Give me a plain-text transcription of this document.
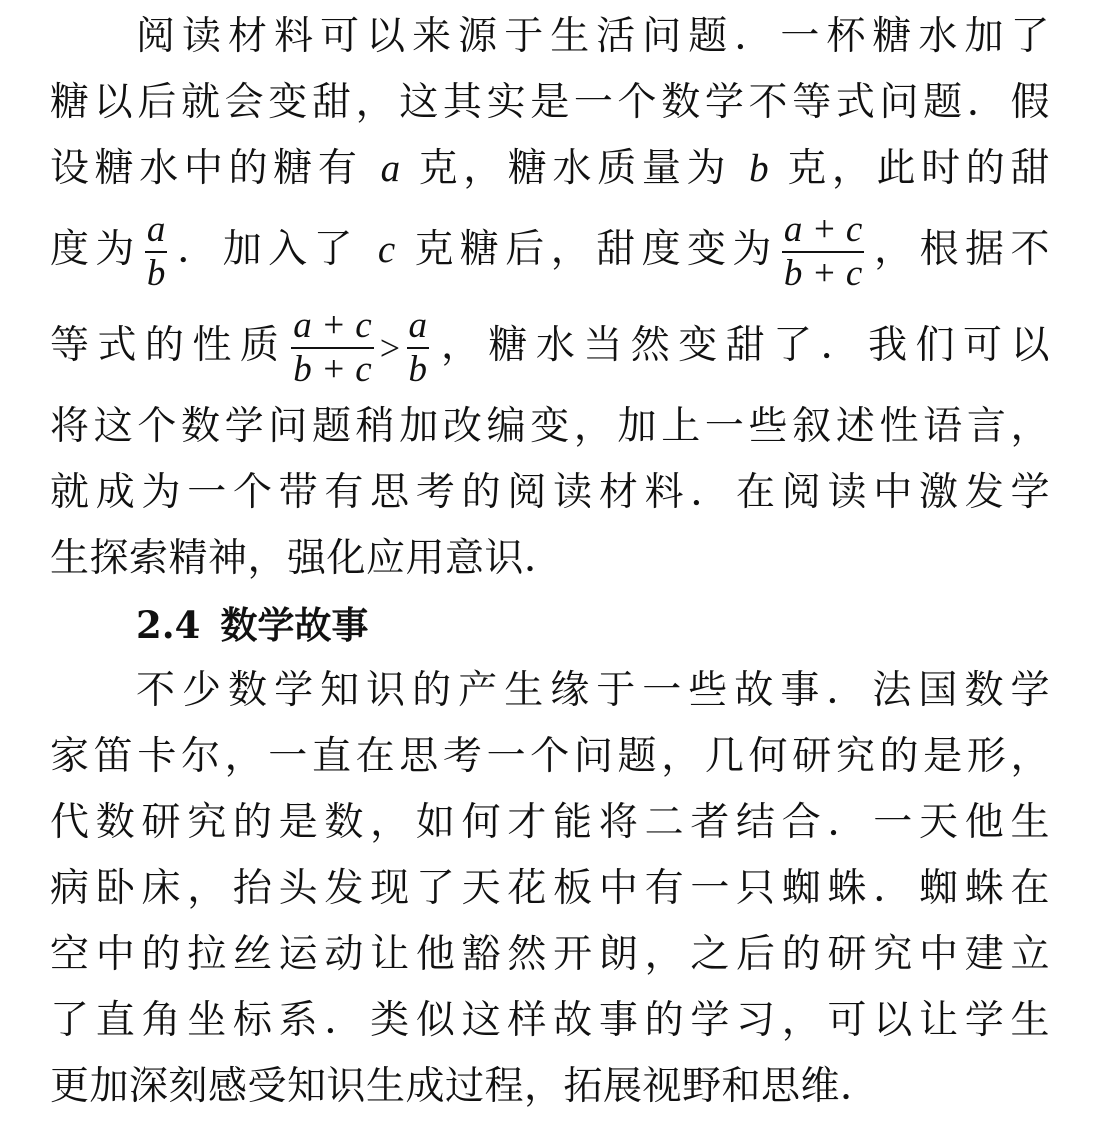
阅读材料可以来源于生活问题．一杯糖水加了
糖以后就会变甜，这其实是一个数学不等式问题．假
设糖水中的糖有 a 克，糖水质量为 b 克，此时的甜
度为 $\frac{a}{b}$ ．加入了 c 克糖后，甜度变为 $\frac{a + c}{b + c}$ ，根据不
等式的性质 $\frac{a + c}{b + c} > \frac{a}{b}$ ，糖水当然变甜了．我们可以
将这个数学问题稍加改编变，加上一些叙述性语言，
就成为一个带有思考的阅读材料．在阅读中激发学
生探索精神，强化应用意识．
2.4 数学故事
不少数学知识的产生缘于一些故事．法国数学
家笛卡尔，一直在思考一个问题，几何研究的是形，
代数研究的是数，如何才能将二者结合．一天他生
病卧床，抬头发现了天花板中有一只蜘蛛．蜘蛛在
空中的拉丝运动让他豁然开朗，之后的研究中建立
了直角坐标系．类似这样故事的学习，可以让学生
更加深刻感受知识生成过程，拓展视野和思维．
